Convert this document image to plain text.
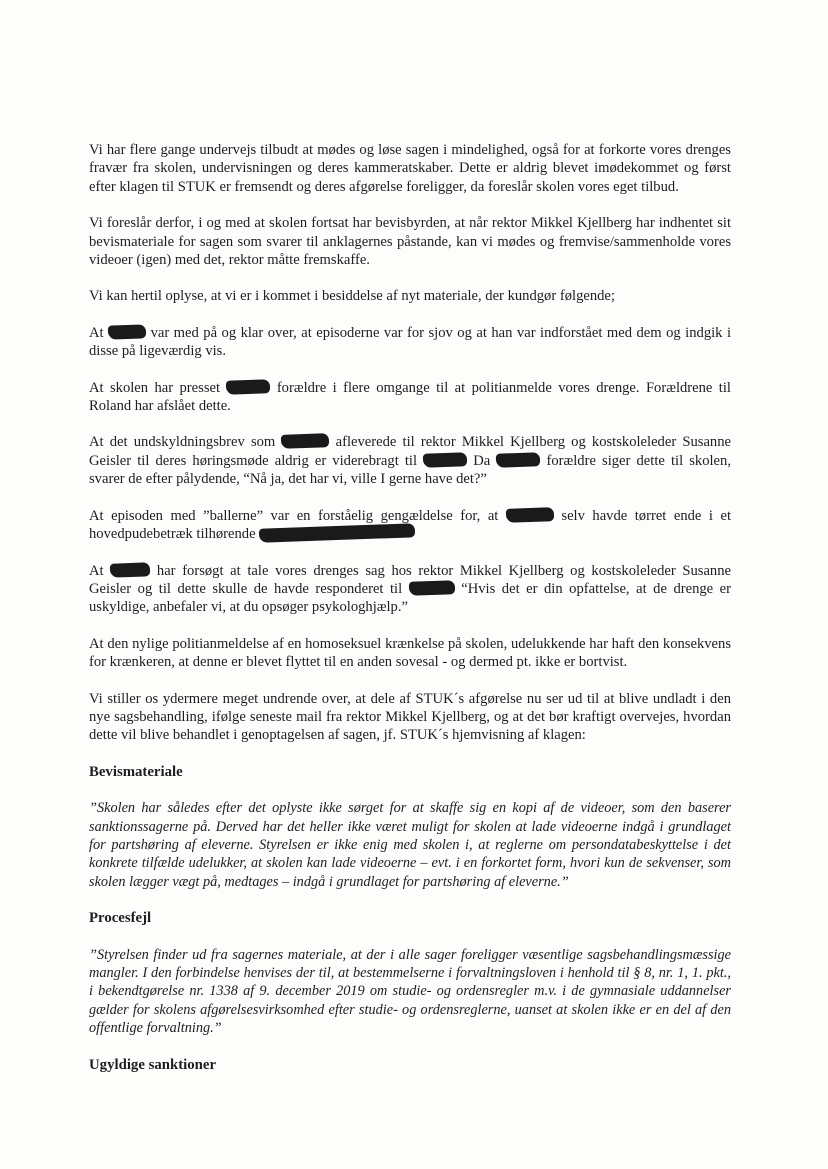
Vi har flere gange undervejs tilbudt at mødes og løse sagen i mindelighed, også for at forkorte vores drenges fravær fra skolen, undervisningen og deres kammeratskaber. Dette er aldrig blevet imødekommet og først efter klagen til STUK er fremsendt og deres afgørelse foreligger, da foreslår skolen vores eget tilbud.

Vi foreslår derfor, i og med at skolen fortsat har bevisbyrden, at når rektor Mikkel Kjellberg har indhentet sit bevismateriale for sagen som svarer til anklagernes påstande, kan vi mødes og fremvise/sammenholde vores videoer (igen) med det, rektor måtte fremskaffe.

Vi kan hertil oplyse, at vi er i kommet i besiddelse af nyt materiale, der kundgør følgende;

At	var med på og klar over, at episoderne var for sjov og at han var indforstået med dem og indgik i disse på ligeværdig vis.

At skolen har presset	forældre i flere omgange til at politianmelde vores drenge. Forældrene til Roland har afslået dette.

At det undskyldningsbrev som	afleverede til rektor Mikkel Kjellberg og kostskoleleder Susanne Geisler til deres høringsmøde aldrig er viderebragt til	Da	forældre siger dette til skolen, svarer de efter pålydende, “Nå ja, det har vi, ville I gerne have det?”

At episoden med ”ballerne” var en forståelig gengældelse for, at	selv havde tørret ende i et hovedpudebetræk tilhørende

At	har forsøgt at tale vores drenges sag hos rektor Mikkel Kjellberg og kostskoleleder Susanne Geisler og til dette skulle de havde responderet til	“Hvis det er din opfattelse, at de drenge er uskyldige, anbefaler vi, at du opsøger psykologhjælp.”

At den nylige politianmeldelse af en homoseksuel krænkelse på skolen, udelukkende har haft den konsekvens for krænkeren, at denne er blevet flyttet til en anden sovesal - og dermed pt. ikke er bortvist.

Vi stiller os ydermere meget undrende over, at dele af STUK´s afgørelse nu ser ud til at blive undladt i den nye sagsbehandling, ifølge seneste mail fra rektor Mikkel Kjellberg, og at det bør kraftigt overvejes, hvordan dette vil blive behandlet i genoptagelsen af sagen, jf. STUK´s hjemvisning af klagen:

Bevismateriale
”Skolen har således efter det oplyste ikke sørget for at skaffe sig en kopi af de videoer, som den baserer sanktionssagerne på. Derved har det heller ikke været muligt for skolen at lade videoerne indgå i grundlaget for partshøring af eleverne. Styrelsen er ikke enig med skolen i, at reglerne om persondatabeskyttelse i det konkrete tilfælde udelukker, at skolen kan lade videoerne – evt. i en forkortet form, hvori kun de sekvenser, som skolen lægger vægt på, medtages – indgå i grundlaget for partshøring af eleverne.”
Procesfejl
”Styrelsen finder ud fra sagernes materiale, at der i alle sager foreligger væsentlige sagsbehandlingsmæssige mangler. I den forbindelse henvises der til, at bestemmelserne i forvaltningsloven i henhold til § 8, nr. 1, 1. pkt., i bekendtgørelse nr. 1338 af 9. december 2019 om studie- og ordensregler m.v. i de gymnasiale uddannelser gælder for skolens afgørelsesvirksomhed efter studie- og ordensreglerne, uanset at skolen ikke er en del af den offentlige forvaltning.”
Ugyldige sanktioner
